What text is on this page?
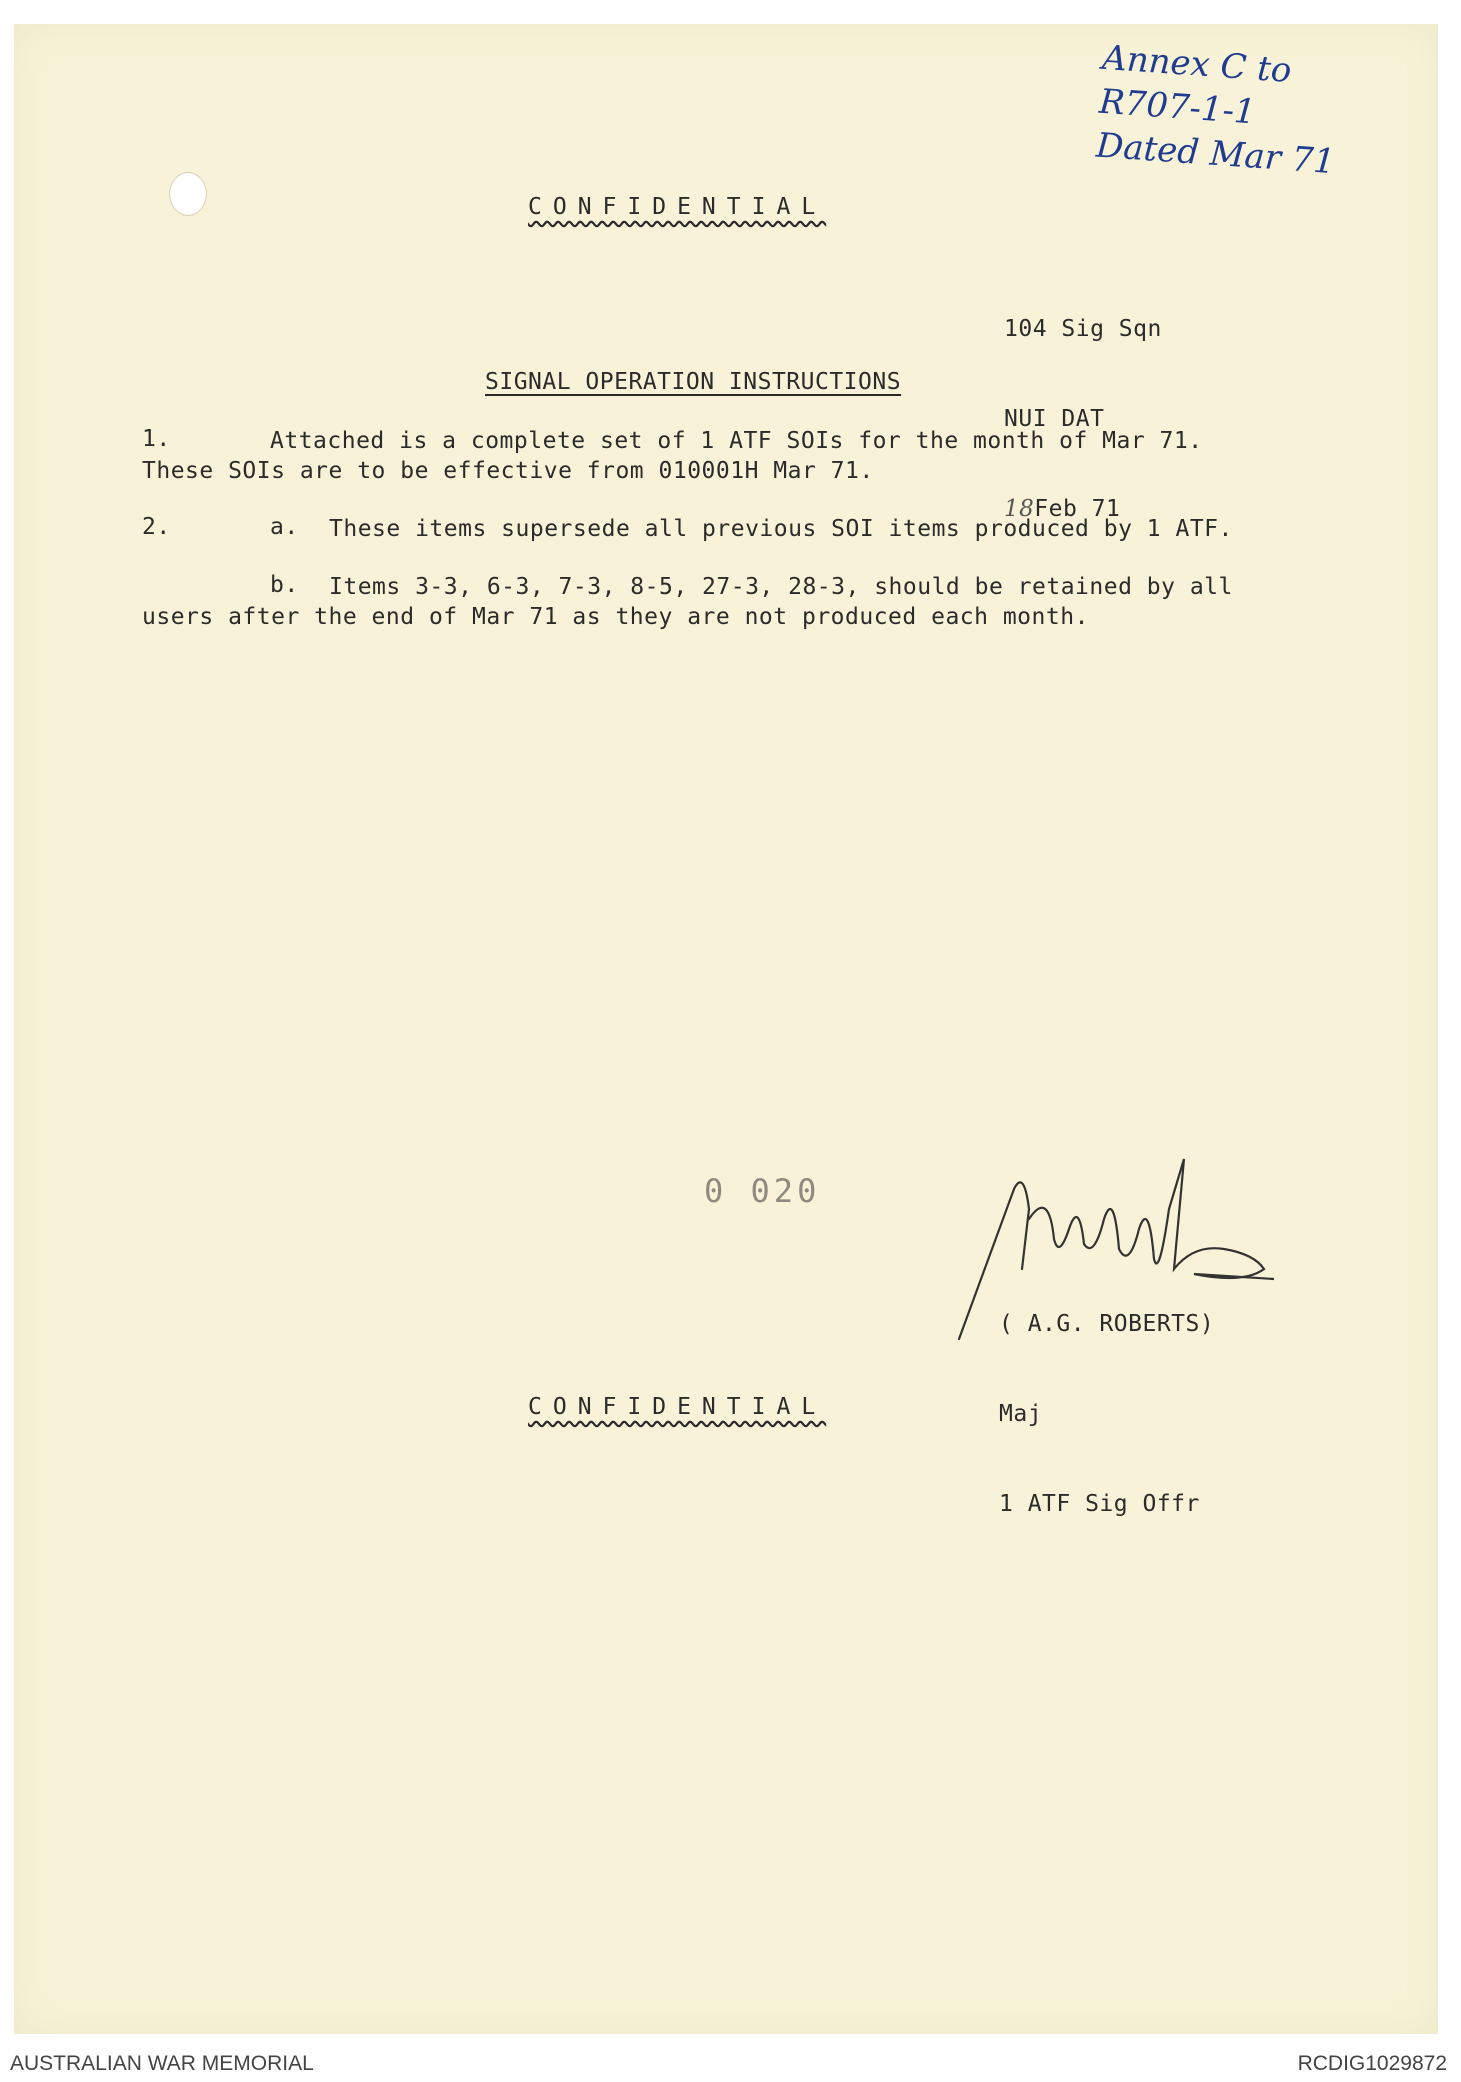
Annex C to
R707-1-1
Dated Mar 71
CONFIDENTIAL

104 Sig Sqn

NUI DAT

18Feb 71

SIGNAL OPERATION INSTRUCTIONS
1.	Attached is a complete set of 1 ATF SOIs for the month of Mar 71. These SOIs are to be effective from 010001H Mar 71.
2.	a. These items supersede all previous SOI items produced by 1 ATF.
b.	Items 3-3, 6-3, 7-3, 8-5, 27-3, 28-3, should be retained by all users after the end of Mar 71 as they are not produced each month.
0 020

( A.G. ROBERTS)

Maj

1 ATF Sig Offr

CONFIDENTIAL
AUSTRALIAN WAR MEMORIAL	RCDIG1029872
